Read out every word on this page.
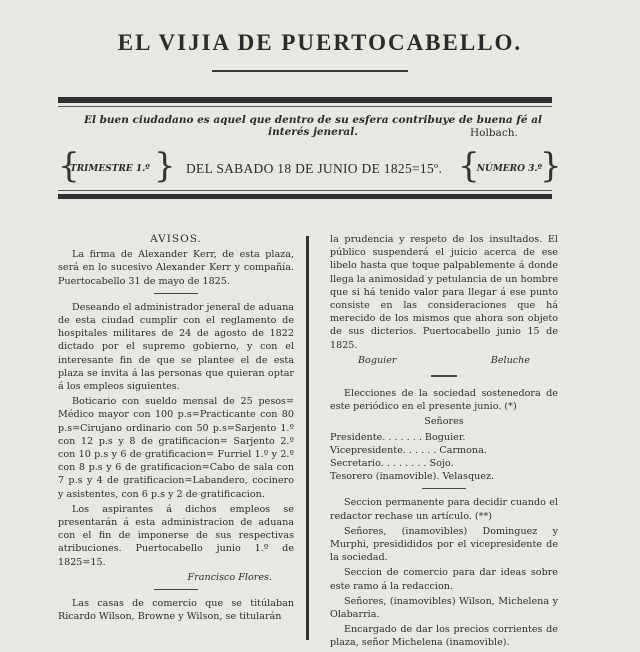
EL VIJIA DE PUERTOCABELLO.
El buen ciudadano es aquel que dentro de su esfera contribuye de buena fé al interés jeneral.	Holbach.
{
TRIMESTRE 1.º } DEL SABADO 18 DE JUNIO DE 1825=15º. {
NÚMERO 3.º
}
AVISOS.

La firma de Alexander Kerr, de esta plaza, será en lo sucesivo Alexander Kerr y compañía. Puertocabello 31 de mayo de 1825.

Deseando el administrador jeneral de aduana de esta ciudad cumplir con el reglamento de hospitales militares de 24 de agosto de 1822 dictado por el supremo gobierno, y con el interesante fin de que se plantee el de esta plaza se invita á las personas que quieran optar á los empleos siguientes.

Boticario con sueldo mensal de 25 pesos= Médico mayor con 100 p.s=Practicante con 80 p.s=Cirujano ordinario con 50 p.s=Sarjento 1.º con 12 p.s y 8 de gratificacion= Sarjento 2.º con 10 p.s y 6 de gratificacion= Furriel 1.º y 2.º con 8 p.s y 6 de gratificacion=Cabo de sala con 7 p.s y 4 de gratificacion=Labandero, cocinero y asistentes, con 6 p.s y 2 de gratificacion.

Los aspirantes á dichos empleos se presentarán á esta administracion de aduana con el fin de imponerse de sus respectivas atribuciones. Puertocabello junio 1.º de 1825=15.

Francisco Flores.

Las casas de comercio que se titúlaban Ricardo Wilson, Browne y Wilson, se titularán

la prudencia y respeto de los insultados. El público suspenderá el juicio acerca de ese libelo hasta que toque palpablemente á donde llega la animosidad y petulancia de un hombre que si há tenido valor para llegar á ese punto consiste en las consideraciones que há merecido de los mismos que ahora son objeto de sus dicterios. Puertocabello junio 15 de 1825.

Boguier	Beluche

Elecciones de la sociedad sostenedora de este periódico en el presente junio. (*)

Señores

Presidente. . . . . . . Boguier.

Vicepresidente. . . . . . Carmona.

Secretario. . . . . . . . Sojo.

Tesorero (inamovible). Velasquez.

Seccion permanente para decidir cuando el redactor rechase un artículo. (**)

Señores, (inamovibles) Dominguez y Murphi, presidididos por el vicepresidente de la sociedad.

Seccion de comercio para dar ideas sobre este ramo á la redaccion.

Señores, (inamovibles) Wilson, Michelena y Olabarria.

Encargado de dar los precios corrientes de plaza, señor Michelena (inamovible).
